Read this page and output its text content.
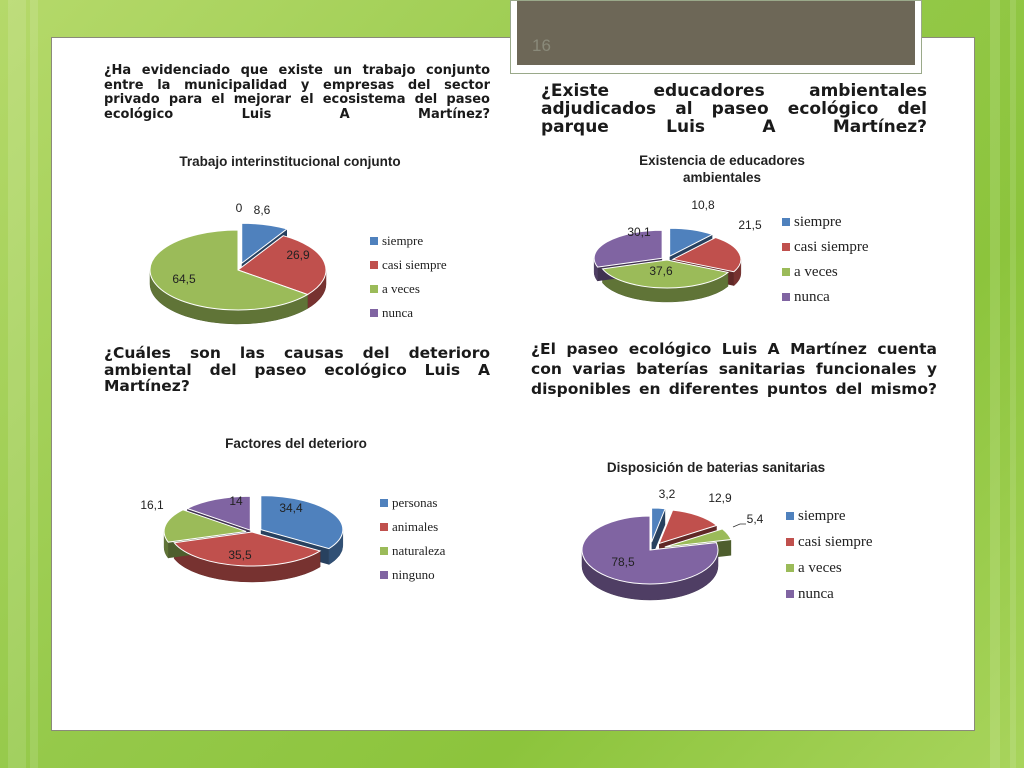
16
¿Ha evidenciado que existe un trabajo conjunto entre la municipalidad y empresas del sector privado para el mejorar el ecosistema del paseo ecológico Luis A Martínez?
¿Existe educadores ambientales adjudicados al paseo ecológico del parque Luis A Martínez?
¿Cuáles son las causas del deterioro ambiental del paseo ecológico Luis A Martínez?
¿El paseo ecológico Luis A Martínez cuenta con varias baterías sanitarias funcionales y disponibles en diferentes puntos del mismo?
Trabajo interinstitucional conjunto
8,6
26,9
64,5
0
siempre
casi siempre
a veces
nunca
Existencia de educadores
ambientales
10,8
21,5
37,6
30,1
siempre
casi siempre
a veces
nunca
Factores del deterioro
34,4
35,5
16,1	14	personas
animales
naturaleza
ninguno
Disposición de baterias sanitarias
3,2	12,9
5,4
78,5
siempre
casi siempre
a veces
nunca
